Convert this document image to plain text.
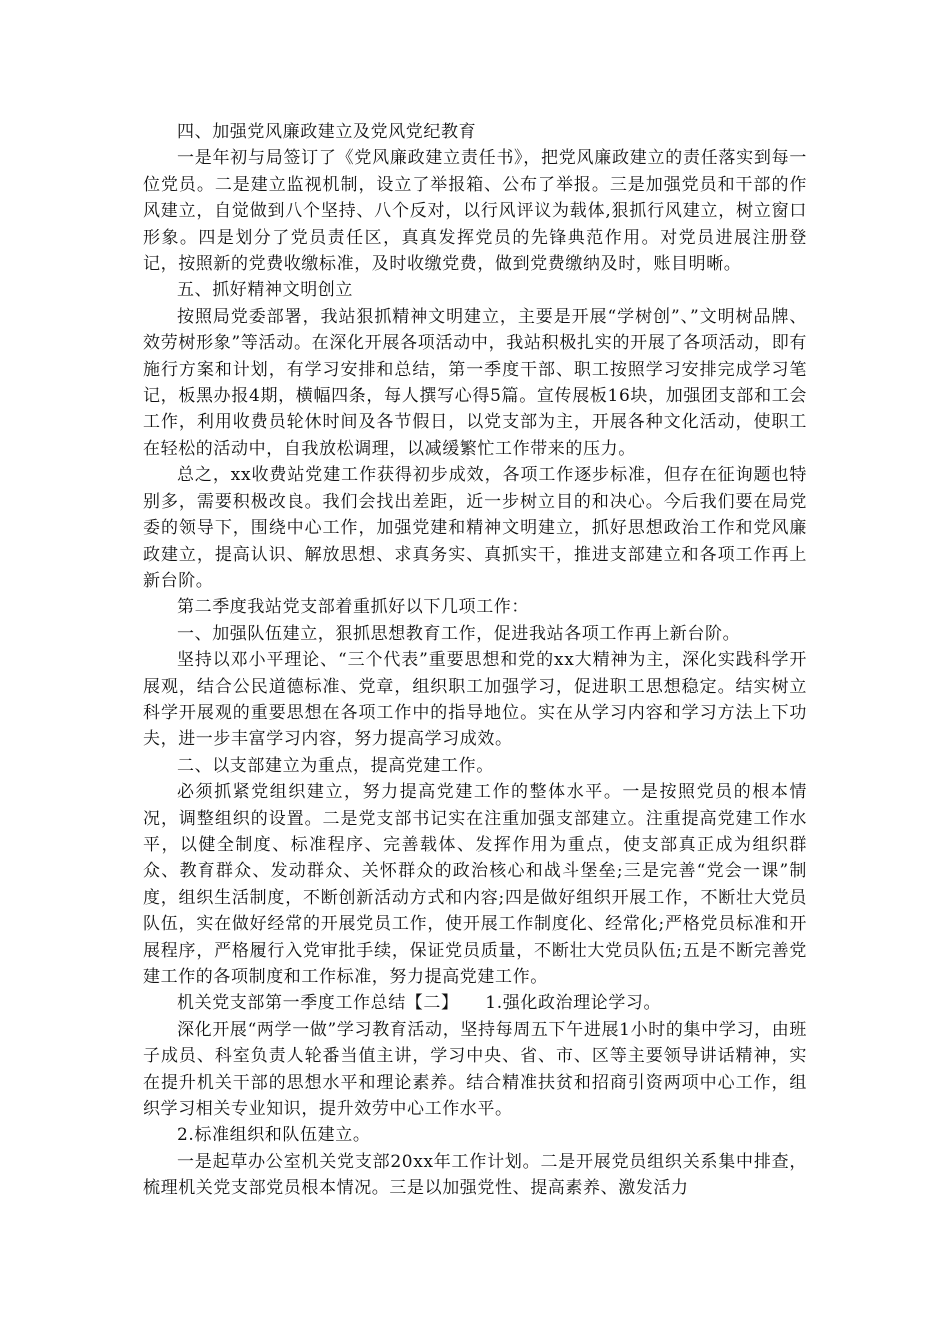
四、加强党风廉政建立及党风党纪教育

一是年初与局签订了《党风廉政建立责任书》，把党风廉政建立的责任落实到每一位党员。二是建立监视机制，设立了举报箱、公布了举报。三是加强党员和干部的作风建立，自觉做到八个坚持、八个反对，以行风评议为载体,狠抓行风建立，树立窗口形象。四是划分了党员责任区，真真发挥党员的先锋典范作用。对党员进展注册登记，按照新的党费收缴标准，及时收缴党费，做到党费缴纳及时，账目明晰。

五、抓好精神文明创立

按照局党委部署，我站狠抓精神文明建立，主要是开展“学树创”、”文明树品牌、效劳树形象”等活动。在深化开展各项活动中，我站积极扎实的开展了各项活动，即有施行方案和计划，有学习安排和总结，第一季度干部、职工按照学习安排完成学习笔记，板黑办报4期，横幅四条，每人撰写心得5篇。宣传展板16块，加强团支部和工会工作，利用收费员轮休时间及各节假日，以党支部为主，开展各种文化活动，使职工在轻松的活动中，自我放松调理，以减缓繁忙工作带来的压力。

总之，xx收费站党建工作获得初步成效，各项工作逐步标准，但存在征询题也特别多，需要积极改良。我们会找出差距，近一步树立目的和决心。今后我们要在局党委的领导下，围绕中心工作，加强党建和精神文明建立，抓好思想政治工作和党风廉政建立，提高认识、解放思想、求真务实、真抓实干，推进支部建立和各项工作再上新台阶。

第二季度我站党支部着重抓好以下几项工作：

一、加强队伍建立，狠抓思想教育工作，促进我站各项工作再上新台阶。

坚持以邓小平理论、“三个代表”重要思想和党的xx大精神为主，深化实践科学开展观，结合公民道德标准、党章，组织职工加强学习，促进职工思想稳定。结实树立科学开展观的重要思想在各项工作中的指导地位。实在从学习内容和学习方法上下功夫，进一步丰富学习内容，努力提高学习成效。

二、以支部建立为重点，提高党建工作。

必须抓紧党组织建立，努力提高党建工作的整体水平。一是按照党员的根本情况，调整组织的设置。二是党支部书记实在注重加强支部建立。注重提高党建工作水平，以健全制度、标准程序、完善载体、发挥作用为重点，使支部真正成为组织群众、教育群众、发动群众、关怀群众的政治核心和战斗堡垒;三是完善“党会一课”制度，组织生活制度，不断创新活动方式和内容;四是做好组织开展工作，不断壮大党员队伍，实在做好经常的开展党员工作，使开展工作制度化、经常化;严格党员标准和开展程序，严格履行入党审批手续，保证党员质量，不断壮大党员队伍;五是不断完善党建工作的各项制度和工作标准，努力提高党建工作。

机关党支部第一季度工作总结【二】　　1.强化政治理论学习。

深化开展“两学一做”学习教育活动，坚持每周五下午进展1小时的集中学习，由班子成员、科室负责人轮番当值主讲，学习中央、省、市、区等主要领导讲话精神，实在提升机关干部的思想水平和理论素养。结合精准扶贫和招商引资两项中心工作，组织学习相关专业知识，提升效劳中心工作水平。

2.标准组织和队伍建立。

一是起草办公室机关党支部20xx年工作计划。二是开展党员组织关系集中排查，梳理机关党支部党员根本情况。三是以加强党性、提高素养、激发活力
